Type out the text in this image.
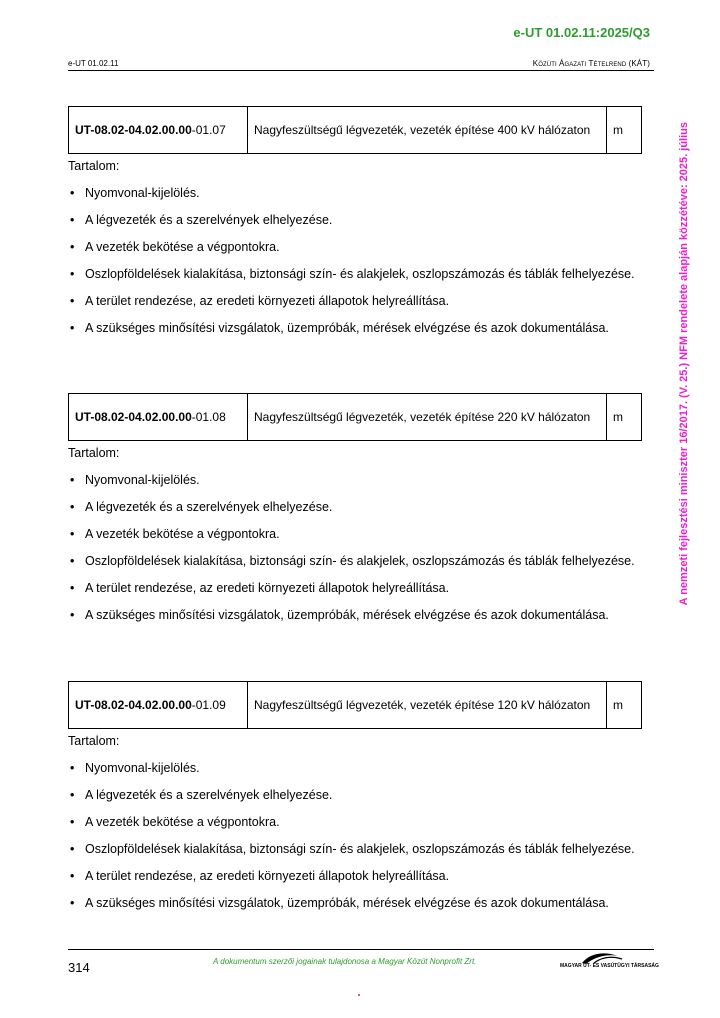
e-UT 01.02.11:2025/Q3
e-UT 01.02.11	Közúti Ágazati Tételrend (KÁT)
A nemzeti fejlesztési miniszter 16/2017. (V. 25.) NFM rendelete alapján közzétéve: 2025. július
UT-08.02-04.02.00.00-01.07	Nagyfeszültségű légvezeték, vezeték építése 400 kV hálózaton	m
Tartalom:
• Nyomvonal-kijelölés.
• A légvezeték és a szerelvények elhelyezése.
• A vezeték bekötése a végpontokra.
• Oszlopföldelések kialakítása, biztonsági szín- és alakjelek, oszlopszámozás és táblák felhelyezése.
• A terület rendezése, az eredeti környezeti állapotok helyreállítása.
• A szükséges minősítési vizsgálatok, üzempróbák, mérések elvégzése és azok dokumentálása.
UT-08.02-04.02.00.00-01.08	Nagyfeszültségű légvezeték, vezeték építése 220 kV hálózaton	m
Tartalom:
• Nyomvonal-kijelölés.
• A légvezeték és a szerelvények elhelyezése.
• A vezeték bekötése a végpontokra.
• Oszlopföldelések kialakítása, biztonsági szín- és alakjelek, oszlopszámozás és táblák felhelyezése.
• A terület rendezése, az eredeti környezeti állapotok helyreállítása.
• A szükséges minősítési vizsgálatok, üzempróbák, mérések elvégzése és azok dokumentálása.
UT-08.02-04.02.00.00-01.09	Nagyfeszültségű légvezeték, vezeték építése 120 kV hálózaton	m
Tartalom:
• Nyomvonal-kijelölés.
• A légvezeték és a szerelvények elhelyezése.
• A vezeték bekötése a végpontokra.
• Oszlopföldelések kialakítása, biztonsági szín- és alakjelek, oszlopszámozás és táblák felhelyezése.
• A terület rendezése, az eredeti környezeti állapotok helyreállítása.
• A szükséges minősítési vizsgálatok, üzempróbák, mérések elvégzése és azok dokumentálása.
314	A dokumentum szerzői jogainak tulajdonosa a Magyar Közút Nonprofit Zrt.	MAGYAR ÚT- ÉS VASÚTÜGYI TÁRSASÁG
